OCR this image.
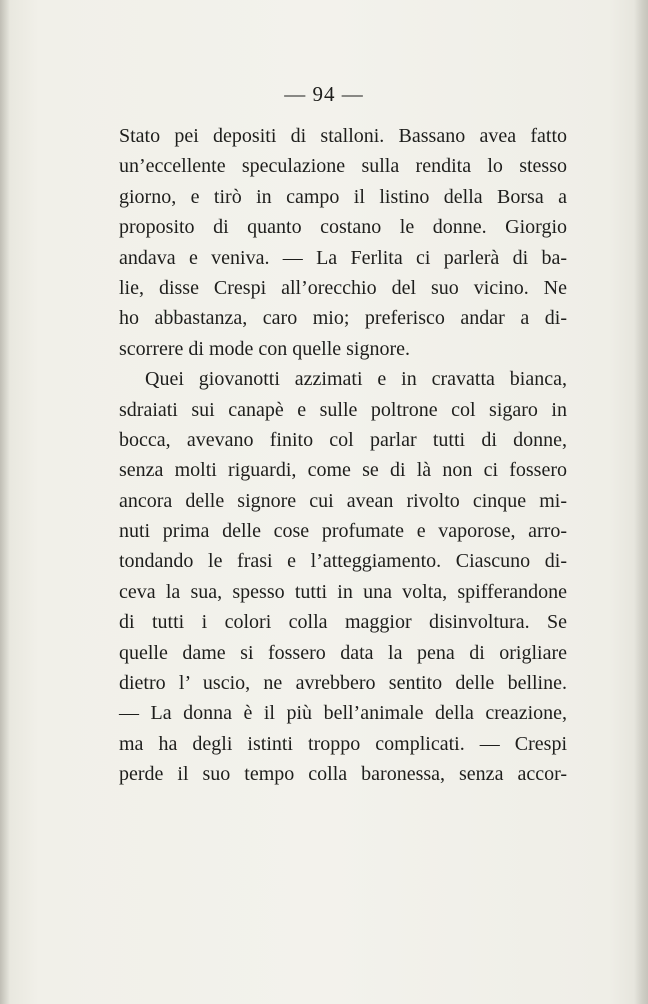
— 94 —
Stato pei depositi di stalloni. Bassano avea fatto
un’eccellente speculazione sulla rendita lo stesso
giorno, e tirò in campo il listino della Borsa a
proposito di quanto costano le donne. Giorgio
andava e veniva. — La Ferlita ci parlerà di ba-
lie, disse Crespi all’orecchio del suo vicino. Ne
ho abbastanza, caro mio; preferisco andar a di-
scorrere di mode con quelle signore.
Quei giovanotti azzimati e in cravatta bianca,
sdraiati sui canapè e sulle poltrone col sigaro in
bocca, avevano finito col parlar tutti di donne,
senza molti riguardi, come se di là non ci fossero
ancora delle signore cui avean rivolto cinque mi-
nuti prima delle cose profumate e vaporose, arro-
tondando le frasi e l’atteggiamento. Ciascuno di-
ceva la sua, spesso tutti in una volta, spifferandone
di tutti i colori colla maggior disinvoltura. Se
quelle dame si fossero data la pena di origliare
dietro l’ uscio, ne avrebbero sentito delle belline.
— La donna è il più bell’animale della creazione,
ma ha degli istinti troppo complicati. — Crespi
perde il suo tempo colla baronessa, senza accor-
